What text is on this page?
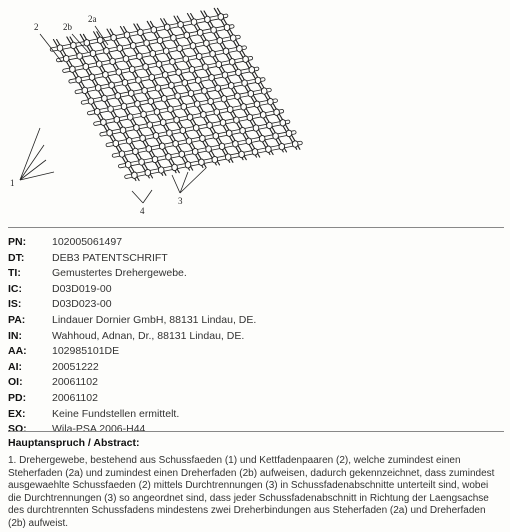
1
2	2b
2a
3
4
PN: 102005061497
DT:	DEB3 PATENTSCHRIFT
TI:	Gemustertes Drehergewebe.
IC:	D03D019-00
IS:	D03D023-00
PA:	Lindauer Dornier GmbH, 88131 Lindau, DE.
IN:	Wahhoud, Adnan, Dr., 88131 Lindau, DE.
AA: 102985101DE
AI:	20051222
OI:	20061102
PD: 20061102
EX:	Keine Fundstellen ermittelt.
SO: Wila-PSA 2006-H44
Hauptanspruch / Abstract:
1. Drehergewebe, bestehend aus Schussfaeden (1) und Kettfadenpaaren (2), welche zumindest einen Steherfaden (2a) und zumindest einen Dreherfaden (2b) aufweisen, dadurch gekennzeichnet, dass zumindest ausgewaehlte Schussfaeden (2) mittels Durchtrennungen (3) in Schussfadenabschnitte unterteilt sind, wobei die Durchtrennungen (3) so angeordnet sind, dass jeder Schussfadenabschnitt in Richtung der Laengsachse des durchtrennten Schussfadens mindestens zwei Dreherbindungen aus Steherfaden (2a) und Dreherfaden (2b) aufweist.
